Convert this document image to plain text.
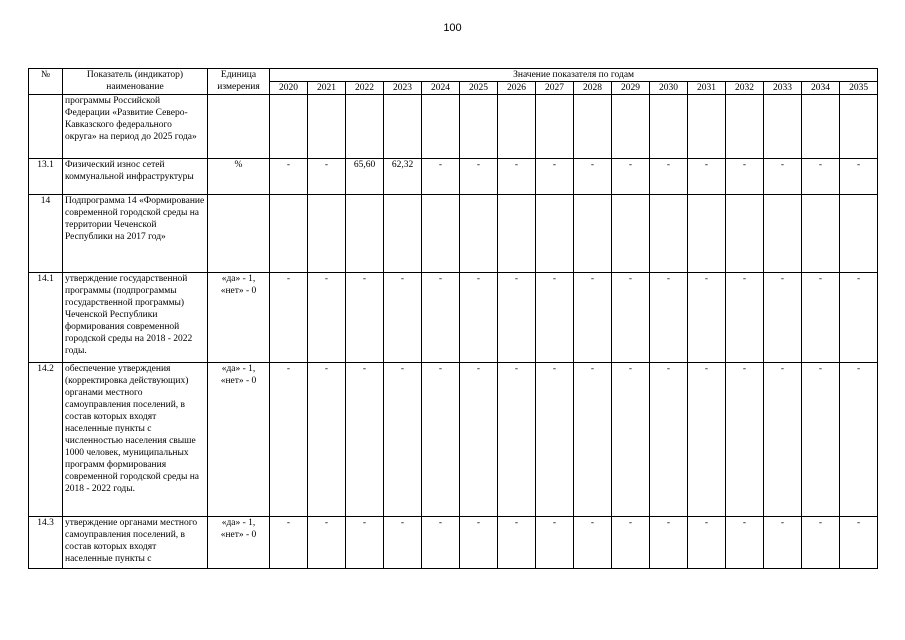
100
№	Показатель (индикатор) наименование	Единица измерения	Значение показателя по годам															
			2020	2021	2022	2023	2024	2025	2026	2027	2028	2029	2030	2031	2032	2033	2034	2035
	программы Российской Федерации «Развитие Северо-Кавказского федерального округа» на период до 2025 года»																	
13.1	Физический износ сетей коммунальной инфраструктуры	%	-	-	65,60	62,32	-	-	-	-	-	-	-	-	-	-	-	-
14	Подпрограмма 14 «Формирование современной городской среды на территории Чеченской Республики на 2017 год»																	
14.1	утверждение государственной программы (подпрограммы государственной программы) Чеченской Республики формирования современной городской среды на 2018 - 2022 годы.	«да» - 1, «нет» - 0	-	-	-	-	-	-	-	-	-	-	-	-	-	-	-	-
14.2	обеспечение утверждения (корректировка действующих) органами местного самоуправления поселений, в состав которых входят населенные пункты с численностью населения свыше 1000 человек, муниципальных программ формирования современной городской среды на 2018 - 2022 годы.	«да» - 1, «нет» - 0	-	-	-	-	-	-	-	-	-	-	-	-	-	-	-	-
14.3	утверждение органами местного самоуправления поселений, в состав которых входят населенные пункты с	«да» - 1, «нет» - 0	-	-	-	-	-	-	-	-	-	-	-	-	-	-	-	-
